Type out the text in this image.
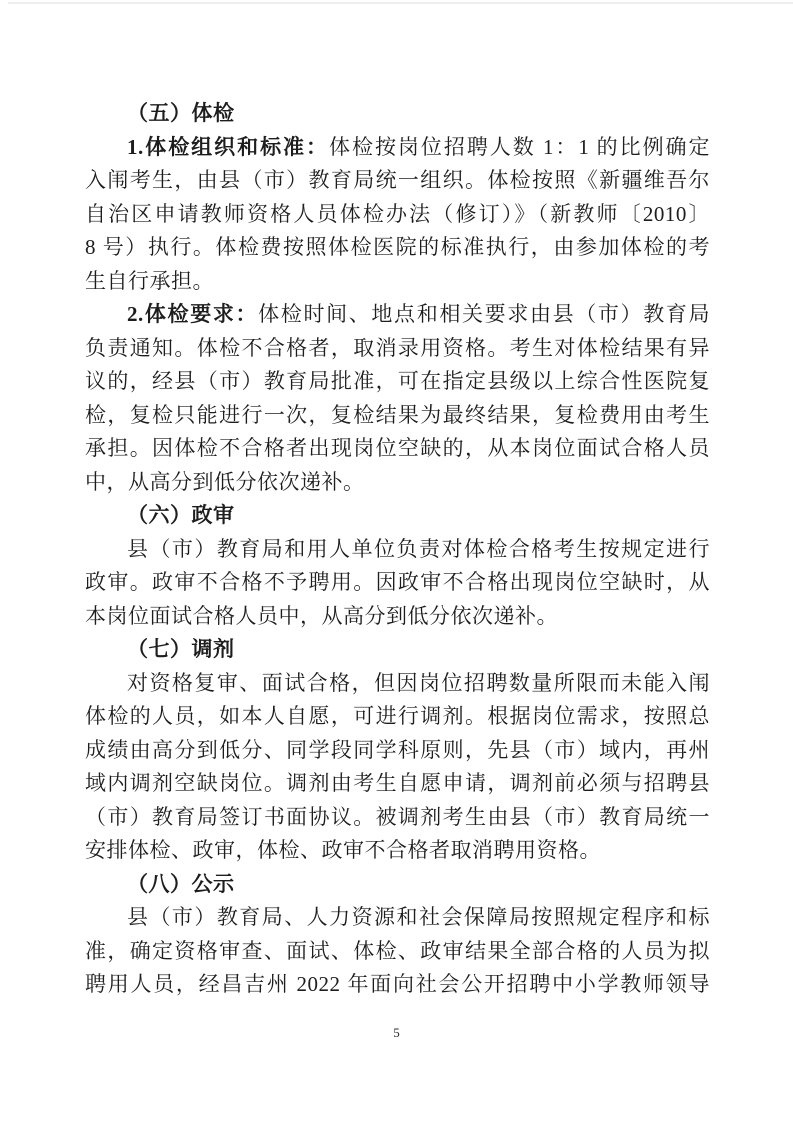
（五）体检
1.体检组织和标准：体检按岗位招聘人数 1：1 的比例确定
入闱考生，由县（市）教育局统一组织。体检按照《新疆维吾尔
自治区申请教师资格人员体检办法（修订）》（新教师〔2010〕
8 号）执行。体检费按照体检医院的标准执行，由参加体检的考
生自行承担。
2.体检要求：体检时间、地点和相关要求由县（市）教育局
负责通知。体检不合格者，取消录用资格。考生对体检结果有异
议的，经县（市）教育局批准，可在指定县级以上综合性医院复
检，复检只能进行一次，复检结果为最终结果，复检费用由考生
承担。因体检不合格者出现岗位空缺的，从本岗位面试合格人员
中，从高分到低分依次递补。
（六）政审
县（市）教育局和用人单位负责对体检合格考生按规定进行
政审。政审不合格不予聘用。因政审不合格出现岗位空缺时，从
本岗位面试合格人员中，从高分到低分依次递补。
（七）调剂
对资格复审、面试合格，但因岗位招聘数量所限而未能入闱
体检的人员，如本人自愿，可进行调剂。根据岗位需求，按照总
成绩由高分到低分、同学段同学科原则，先县（市）域内，再州
域内调剂空缺岗位。调剂由考生自愿申请，调剂前必须与招聘县
（市）教育局签订书面协议。被调剂考生由县（市）教育局统一
安排体检、政审，体检、政审不合格者取消聘用资格。
（八）公示
县（市）教育局、人力资源和社会保障局按照规定程序和标
准，确定资格审查、面试、体检、政审结果全部合格的人员为拟
聘用人员，经昌吉州 2022 年面向社会公开招聘中小学教师领导
5
